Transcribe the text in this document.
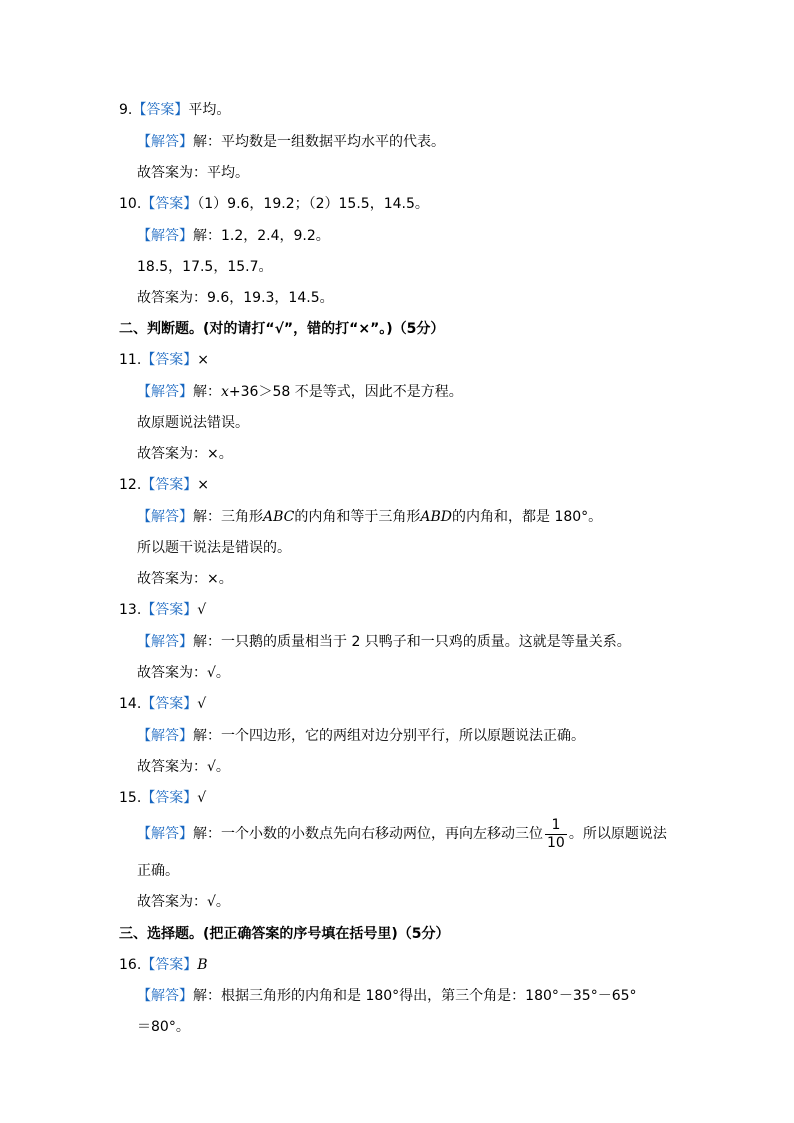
9.【答案】平均。
【解答】解：平均数是一组数据平均水平的代表。
故答案为：平均。
10.【答案】（1）9.6，19.2；（2）15.5，14.5。
【解答】解：1.2，2.4，9.2。
18.5，17.5，15.7。
故答案为：9.6，19.3，14.5。
二、判断题。(对的请打“√”，错的打“×”。)（5分）
11.【答案】×
【解答】解：x+36＞58 不是等式，因此不是方程。
故原题说法错误。
故答案为：×。
12.【答案】×
【解答】解：三角形ABC的内角和等于三角形ABD的内角和，都是 180°。
所以题干说法是错误的。
故答案为：×。
13.【答案】√
【解答】解：一只鹅的质量相当于 2 只鸭子和一只鸡的质量。这就是等量关系。
故答案为：√。
14.【答案】√
【解答】解：一个四边形，它的两组对边分别平行，所以原题说法正确。
故答案为：√。
15.【答案】√
【解答】解：一个小数的小数点先向右移动两位，再向左移动三位 $\frac{1}{10}$ 。所以原题说法
正确。
故答案为：√。
三、选择题。(把正确答案的序号填在括号里)（5分）
16.【答案】B
【解答】解：根据三角形的内角和是 180°得出，第三个角是：180°－35°－65°
＝80°。
